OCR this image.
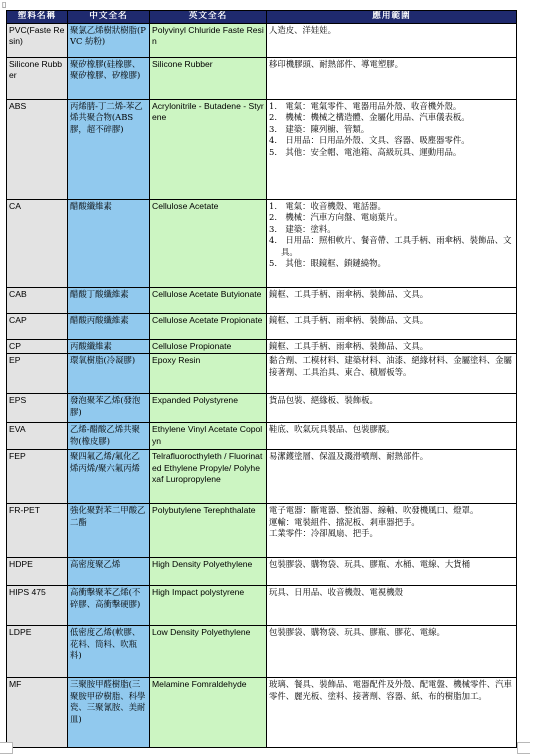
▯
塑料名稱	中文全名	英文全名	應用範圍
PVC(Faste Resin)	聚氯乙烯樹狀樹脂(PVC 紡粉)	Polyvinyl Chluride Faste Resin	人造皮、洋娃娃。

Silicone Rubber	聚矽橡膠(硅橡膠、聚矽橡膠、矽橡膠)	Silicone Rubber	移印機膠頭、耐熱部件、導電塑膠。

ABS	丙烯腈-丁二烯-苯乙烯共聚合物(ABS 膠，超不碎膠)	Acrylonitrile - Butadene - Styrene	1.　電氣：電氣零件、電器用品外殼、收音機外殼。
2.　機械：機械之構造體、金屬化用品、汽車儀表板。
3.　建築：陳列櫥、管類。
4.　日用品：日用品外殼、文具、容器、吸塵器零件。
5.　其他：安全帽、電池箱、高級玩具、運動用品。

CA	醋酸纖維素	Cellulose Acetate	1.　電氣：收音機殼、電話器。
2.　機械：汽車方向盤、電扇葉片。
3.　建築：塗料。
4.　日用品：照相軟片、餐音帶、工具手柄、雨傘柄、裝飾品、文具。
5.　其他：眼鏡框、鎖鏈繞物。

CAB	醋酸丁酸纖維素	Cellulose Acetate Butyionate	鏡框、工具手柄、雨傘柄、裝飾品、文具。

CAP	醋酸丙酸纖維素	Cellulose Acetate Propionate	鏡框、工具手柄、雨傘柄、裝飾品、文具。

CP	丙酸纖維素	Cellulose Propionate	鏡框、工具手柄、雨傘柄、裝飾品、文具。

EP	環氧樹脂(冷凝膠)	Epoxy Resin	黏合劑、工模材料、建築材料、油漆、絕緣材料、金屬塗料、金屬接著劑、工具治具、東合、積層板等。

EPS	發泡聚苯乙烯(發泡膠)	Expanded Polystyrene	貨品包裝、絕緣板、裝飾板。

EVA	乙烯-醋酸乙烯共聚物(橡皮膠)	Ethylene Vinyl Acetate Copolyn	鞋底、吹氣玩具製品、包裝膠膜。

FEP	聚四氟乙烯/氟化乙烯丙烯/聚六氟丙烯	Telrafluorocthyleth / Fluorinated Ethylene Propyle/ Polyhexaf Luropropylene	易潔鑊塗層、保溫及濺滑噴劑、耐熱部件。

FR-PET	強化聚對苯二甲酸乙二酯	Polybutylene Terephthalate	電子電器：斷電器、整流器、線軸、吹發機風口、燈罩。
運輸：電裝組件、擋泥板、剎車器把手。
工業零件：冷卻風扇、把手。

HDPE	高密度聚乙烯	High Density Polyethylene	包裝膠袋、購物袋、玩具、膠瓶、水桶、電線、大貨桶

HIPS 475	高衝擊聚苯乙烯(不碎膠、高衝擊硬膠)	High Impact polystyrene	玩具、日用品、收音機殼、電視機殼

LDPE	低密度乙烯(軟膠、花料、筒料、吹瓶料)	Low Density Polyethylene	包裝膠袋、購物袋、玩具、膠瓶、膠花、電線。

MF	三聚胺甲醛樹脂(三聚胺甲矽樹脂、科學瓷、三聚氰胺、美耐皿)	Melamine Fomraldehyde	玻璃、餐具、裝飾品、電器配件及外殼、配電盤、機械零件、汽車零件、麗光板、塗料、接著劑、容器、紙、布的樹脂加工。
